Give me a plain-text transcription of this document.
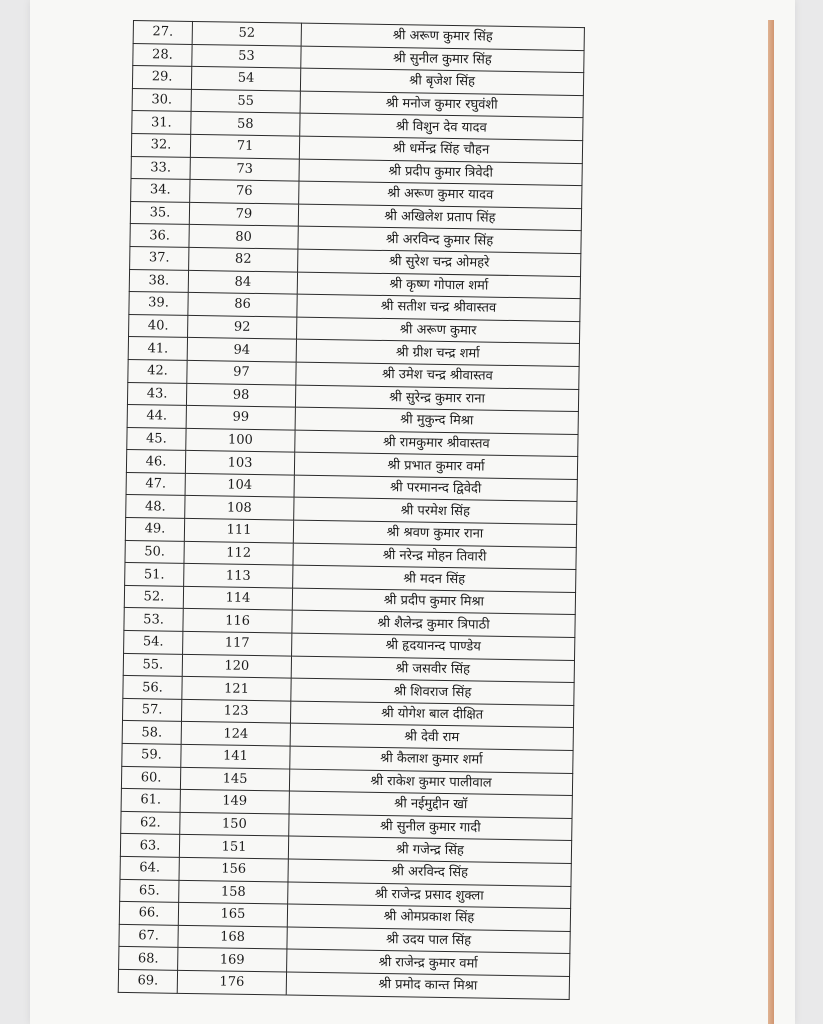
27.	52	श्री अरूण कुमार सिंह
28.	53	श्री सुनील कुमार सिंह
29.	54	श्री बृजेश सिंह
30.	55	श्री मनोज कुमार रघुवंशी
31.	58	श्री विशुन देव यादव
32.	71	श्री धर्मेन्द्र सिंह चौहन
33.	73	श्री प्रदीप कुमार त्रिवेदी
34.	76	श्री अरूण कुमार यादव
35.	79	श्री अखिलेश प्रताप सिंह
36.	80	श्री अरविन्द कुमार सिंह
37.	82	श्री सुरेश चन्द्र ओमहरे
38.	84	श्री कृष्ण गोपाल शर्मा
39.	86	श्री सतीश चन्द्र श्रीवास्तव
40.	92	श्री अरूण कुमार
41.	94	श्री ग्रीश चन्द्र शर्मा
42.	97	श्री उमेश चन्द्र श्रीवास्तव
43.	98	श्री सुरेन्द्र कुमार राना
44.	99	श्री मुकुन्द मिश्रा
45.	100	श्री रामकुमार श्रीवास्तव
46.	103	श्री प्रभात कुमार वर्मा
47.	104	श्री परमानन्द द्विवेदी
48.	108	श्री परमेश सिंह
49.	111	श्री श्रवण कुमार राना
50.	112	श्री नरेन्द्र मोहन तिवारी
51.	113	श्री मदन सिंह
52.	114	श्री प्रदीप कुमार मिश्रा
53.	116	श्री शैलेन्द्र कुमार त्रिपाठी
54.	117	श्री हृदयानन्द पाण्डेय
55.	120	श्री जसवीर सिंह
56.	121	श्री शिवराज सिंह
57.	123	श्री योगेश बाल दीक्षित
58.	124	श्री देवी राम
59.	141	श्री कैलाश कुमार शर्मा
60.	145	श्री राकेश कुमार पालीवाल
61.	149	श्री नईमुद्दीन खॉ
62.	150	श्री सुनील कुमार गादी
63.	151	श्री गजेन्द्र सिंह
64.	156	श्री अरविन्द सिंह
65.	158	श्री राजेन्द्र प्रसाद शुक्ला
66.	165	श्री ओमप्रकाश सिंह
67.	168	श्री उदय पाल सिंह
68.	169	श्री राजेन्द्र कुमार वर्मा
69.	176	श्री प्रमोद कान्त मिश्रा
